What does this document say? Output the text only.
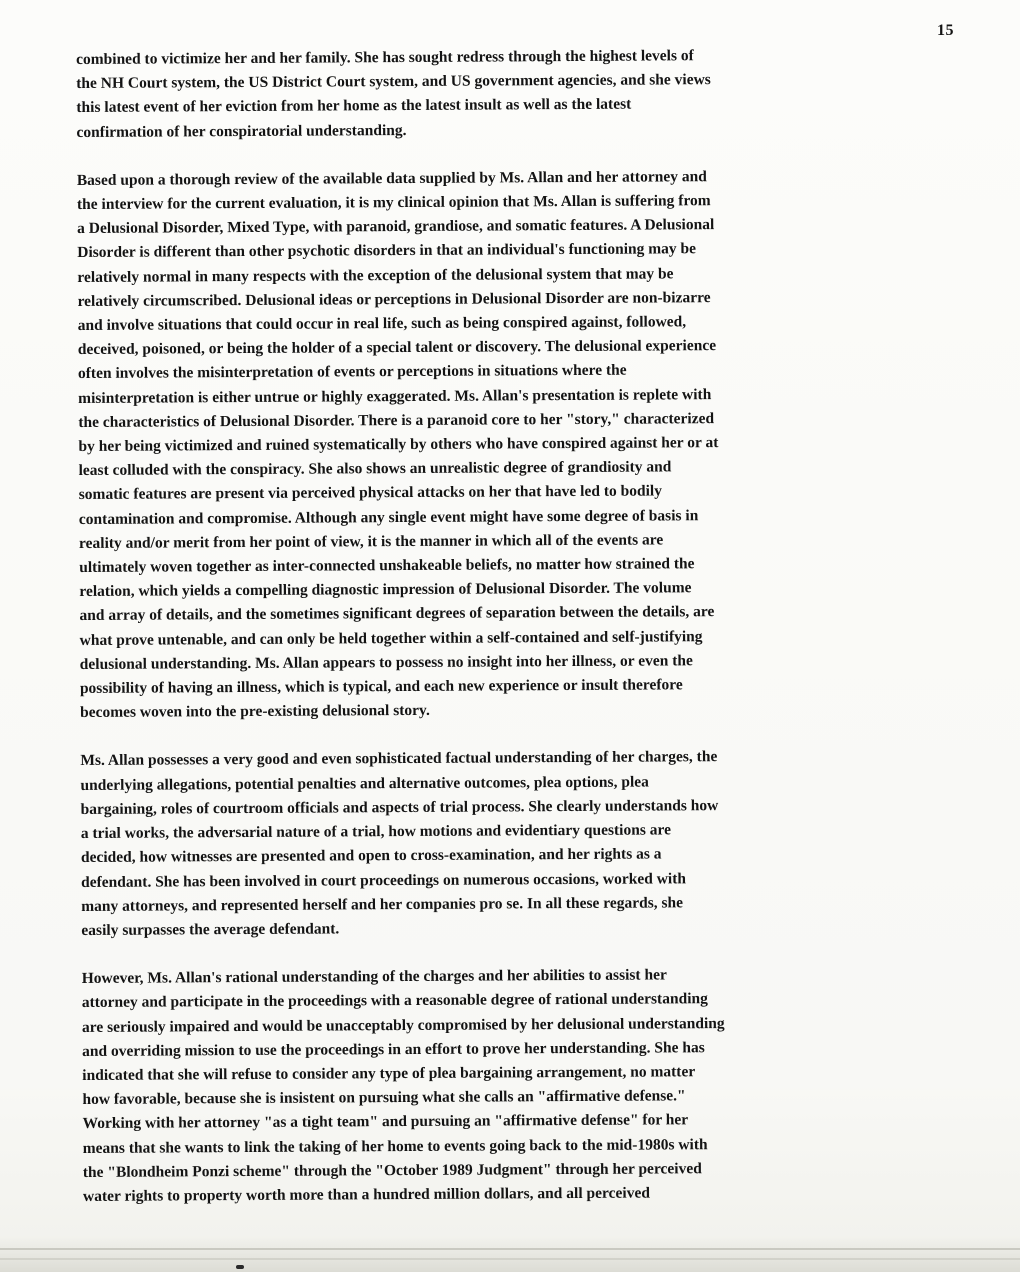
15

combined to victimize her and her family. She has sought redress through the highest levels of
the NH Court system, the US District Court system, and US government agencies, and she views
this latest event of her eviction from her home as the latest insult as well as the latest
confirmation of her conspiratorial understanding.

Based upon a thorough review of the available data supplied by Ms. Allan and her attorney and
the interview for the current evaluation, it is my clinical opinion that Ms. Allan is suffering from
a Delusional Disorder, Mixed Type, with paranoid, grandiose, and somatic features. A Delusional
Disorder is different than other psychotic disorders in that an individual's functioning may be
relatively normal in many respects with the exception of the delusional system that may be
relatively circumscribed. Delusional ideas or perceptions in Delusional Disorder are non-bizarre
and involve situations that could occur in real life, such as being conspired against, followed,
deceived, poisoned, or being the holder of a special talent or discovery. The delusional experience
often involves the misinterpretation of events or perceptions in situations where the
misinterpretation is either untrue or highly exaggerated. Ms. Allan's presentation is replete with
the characteristics of Delusional Disorder. There is a paranoid core to her "story," characterized
by her being victimized and ruined systematically by others who have conspired against her or at
least colluded with the conspiracy. She also shows an unrealistic degree of grandiosity and
somatic features are present via perceived physical attacks on her that have led to bodily
contamination and compromise. Although any single event might have some degree of basis in
reality and/or merit from her point of view, it is the manner in which all of the events are
ultimately woven together as inter-connected unshakeable beliefs, no matter how strained the
relation, which yields a compelling diagnostic impression of Delusional Disorder. The volume
and array of details, and the sometimes significant degrees of separation between the details, are
what prove untenable, and can only be held together within a self-contained and self-justifying
delusional understanding. Ms. Allan appears to possess no insight into her illness, or even the
possibility of having an illness, which is typical, and each new experience or insult therefore
becomes woven into the pre-existing delusional story.

Ms. Allan possesses a very good and even sophisticated factual understanding of her charges, the
underlying allegations, potential penalties and alternative outcomes, plea options, plea
bargaining, roles of courtroom officials and aspects of trial process. She clearly understands how
a trial works, the adversarial nature of a trial, how motions and evidentiary questions are
decided, how witnesses are presented and open to cross-examination, and her rights as a
defendant. She has been involved in court proceedings on numerous occasions, worked with
many attorneys, and represented herself and her companies pro se. In all these regards, she
easily surpasses the average defendant.

However, Ms. Allan's rational understanding of the charges and her abilities to assist her
attorney and participate in the proceedings with a reasonable degree of rational understanding
are seriously impaired and would be unacceptably compromised by her delusional understanding
and overriding mission to use the proceedings in an effort to prove her understanding. She has
indicated that she will refuse to consider any type of plea bargaining arrangement, no matter
how favorable, because she is insistent on pursuing what she calls an "affirmative defense."
Working with her attorney "as a tight team" and pursuing an "affirmative defense" for her
means that she wants to link the taking of her home to events going back to the mid-1980s with
the "Blondheim Ponzi scheme" through the "October 1989 Judgment" through her perceived
water rights to property worth more than a hundred million dollars, and all perceived
